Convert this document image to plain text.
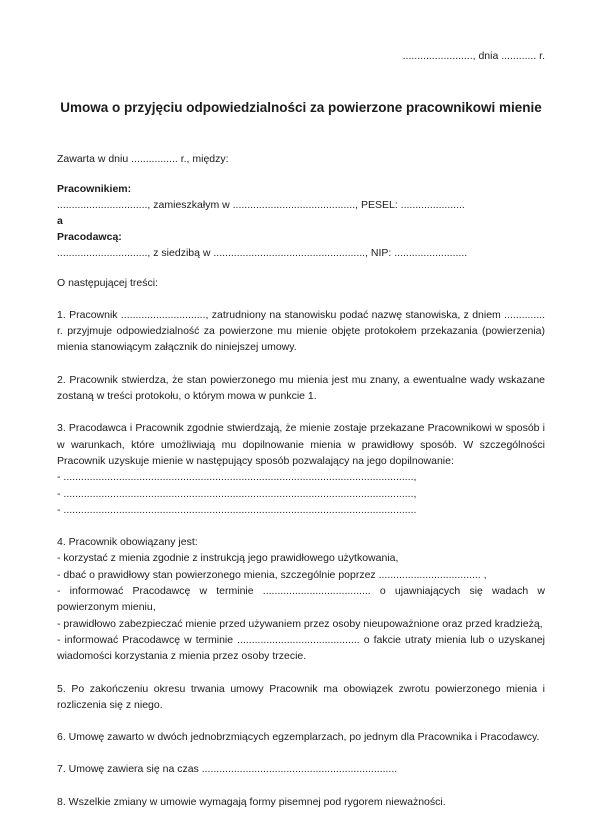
........................, dnia ............ r.
Umowa o przyjęciu odpowiedzialności za powierzone pracownikowi mienie

Zawarta w dniu ................ r., między:

Pracownikiem:

..............................., zamieszkałym w .........................................., PESEL: ......................

a

Pracodawcą:

..............................., z siedzibą w ...................................................., NIP: .........................

O następującej treści:

1. Pracownik ............................., zatrudniony na stanowisku podać nazwę stanowiska, z dniem .............. r. przyjmuje odpowiedzialność za powierzone mu mienie objęte protokołem przekazania (powierzenia) mienia stanowiącym załącznik do niniejszej umowy.

2. Pracownik stwierdza, że stan powierzonego mu mienia jest mu znany, a ewentualne wady wskazane zostaną w treści protokołu, o którym mowa w punkcie 1.

3. Pracodawca i Pracownik zgodnie stwierdzają, że mienie zostaje przekazane Pracownikowi w sposób i w warunkach, które umożliwiają mu dopilnowanie mienia w prawidłowy sposób. W szczególności Pracownik uzyskuje mienie w następujący sposób pozwalający na jego dopilnowanie:

- ........................................................................................................................,

- ........................................................................................................................,

- .........................................................................................................................

4. Pracownik obowiązany jest:

- korzystać z mienia zgodnie z instrukcją jego prawidłowego użytkowania,

- dbać o prawidłowy stan powierzonego mienia, szczególnie poprzez ................................... ,

- informować Pracodawcę w terminie ..................................... o ujawniających się wadach w powierzonym mieniu,

- prawidłowo zabezpieczać mienie przed używaniem przez osoby nieupoważnione oraz przed kradzieżą,

- informować Pracodawcę w terminie .......................................... o fakcie utraty mienia lub o uzyskanej wiadomości korzystania z mienia przez osoby trzecie.

5. Po zakończeniu okresu trwania umowy Pracownik ma obowiązek zwrotu powierzonego mienia i rozliczenia się z niego.

6. Umowę zawarto w dwóch jednobrzmiących egzemplarzach, po jednym dla Pracownika i Pracodawcy.

7. Umowę zawiera się na czas ...................................................................

8. Wszelkie zmiany w umowie wymagają formy pisemnej pod rygorem nieważności.
